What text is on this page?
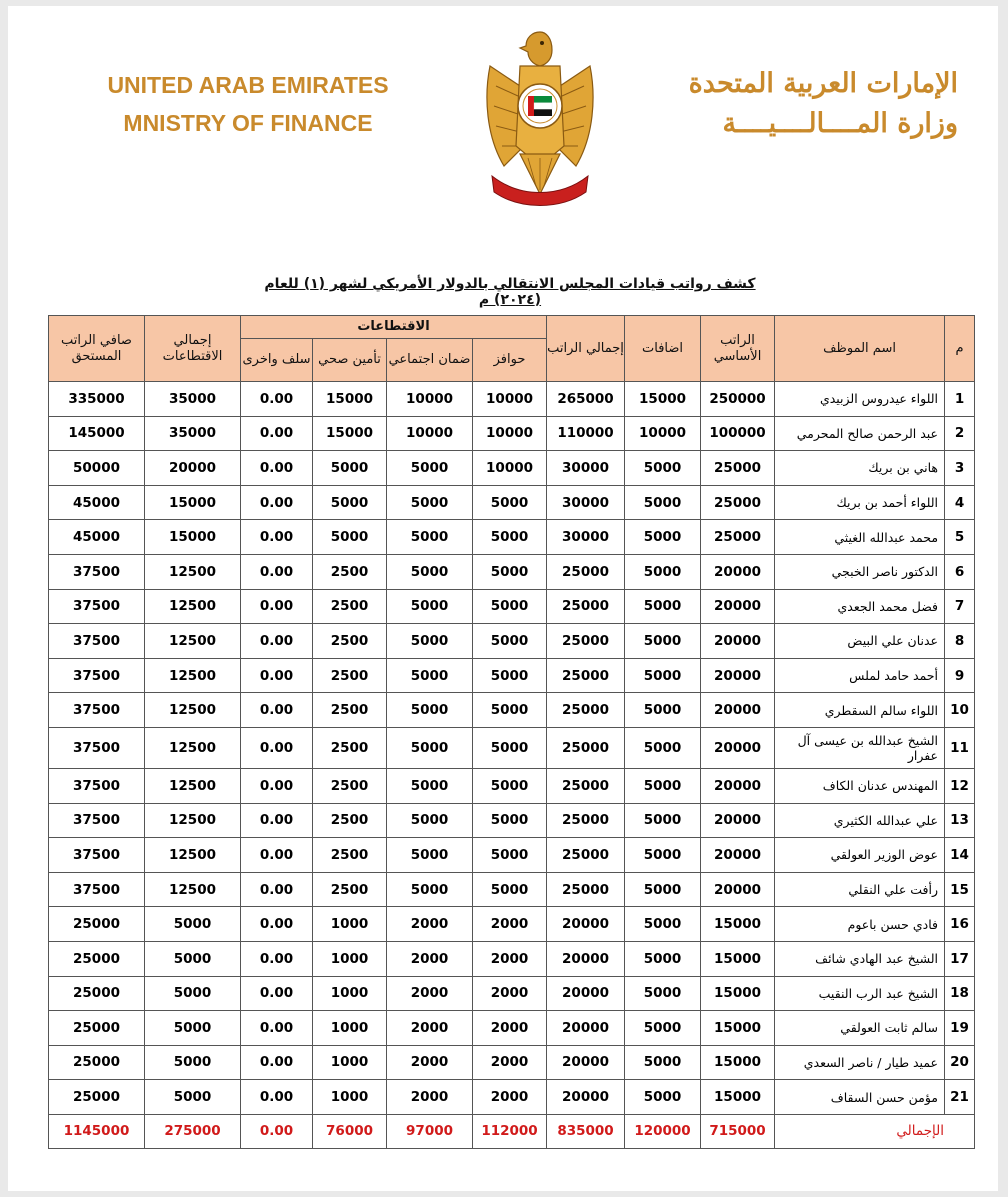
UNITED ARAB EMIRATES
MNISTRY OF FINANCE
الإمارات العربية المتحدة
وزارة المــــالــــيــــة
كشف رواتب قيادات المجلس الانتقالي بالدولار الأمريكي لشهر (١) للعام (٢٠٢٤) م
م	اسم الموظف	الراتب الأساسي	اضافات	إجمالي الراتب	الاقتطاعات				إجمالي الاقتطاعات	صافي الراتب المستحق
					حوافز	ضمان اجتماعي	تأمين صحي	سلف واخرى		
1	اللواء عيدروس الزبيدي	250000	15000	265000	10000	10000	15000	0.00	35000	335000
2	عبد الرحمن صالح المحرمي	100000	10000	110000	10000	10000	15000	0.00	35000	145000
3	هاني بن بريك	25000	5000	30000	10000	5000	5000	0.00	20000	50000
4	اللواء أحمد بن بريك	25000	5000	30000	5000	5000	5000	0.00	15000	45000
5	محمد عبدالله الغيثي	25000	5000	30000	5000	5000	5000	0.00	15000	45000
6	الدكتور ناصر الخبجي	20000	5000	25000	5000	5000	2500	0.00	12500	37500
7	فضل محمد الجعدي	20000	5000	25000	5000	5000	2500	0.00	12500	37500
8	عدنان علي البيض	20000	5000	25000	5000	5000	2500	0.00	12500	37500
9	أحمد حامد لملس	20000	5000	25000	5000	5000	2500	0.00	12500	37500
10	اللواء سالم السقطري	20000	5000	25000	5000	5000	2500	0.00	12500	37500
11	الشيخ عبدالله بن عيسى آل عفرار	20000	5000	25000	5000	5000	2500	0.00	12500	37500
12	المهندس عدنان الكاف	20000	5000	25000	5000	5000	2500	0.00	12500	37500
13	علي عبدالله الكثيري	20000	5000	25000	5000	5000	2500	0.00	12500	37500
14	عوض الوزير العولقي	20000	5000	25000	5000	5000	2500	0.00	12500	37500
15	رأفت علي النقلي	20000	5000	25000	5000	5000	2500	0.00	12500	37500
16	فادي حسن باعوم	15000	5000	20000	2000	2000	1000	0.00	5000	25000
17	الشيخ عبد الهادي شائف	15000	5000	20000	2000	2000	1000	0.00	5000	25000
18	الشيخ عبد الرب النقيب	15000	5000	20000	2000	2000	1000	0.00	5000	25000
19	سالم ثابت العولقي	15000	5000	20000	2000	2000	1000	0.00	5000	25000
20	عميد طيار / ناصر السعدي	15000	5000	20000	2000	2000	1000	0.00	5000	25000
21	مؤمن حسن السقاف	15000	5000	20000	2000	2000	1000	0.00	5000	25000
الإجمالي		715000	120000	835000	112000	97000	76000	0.00	275000	1145000
